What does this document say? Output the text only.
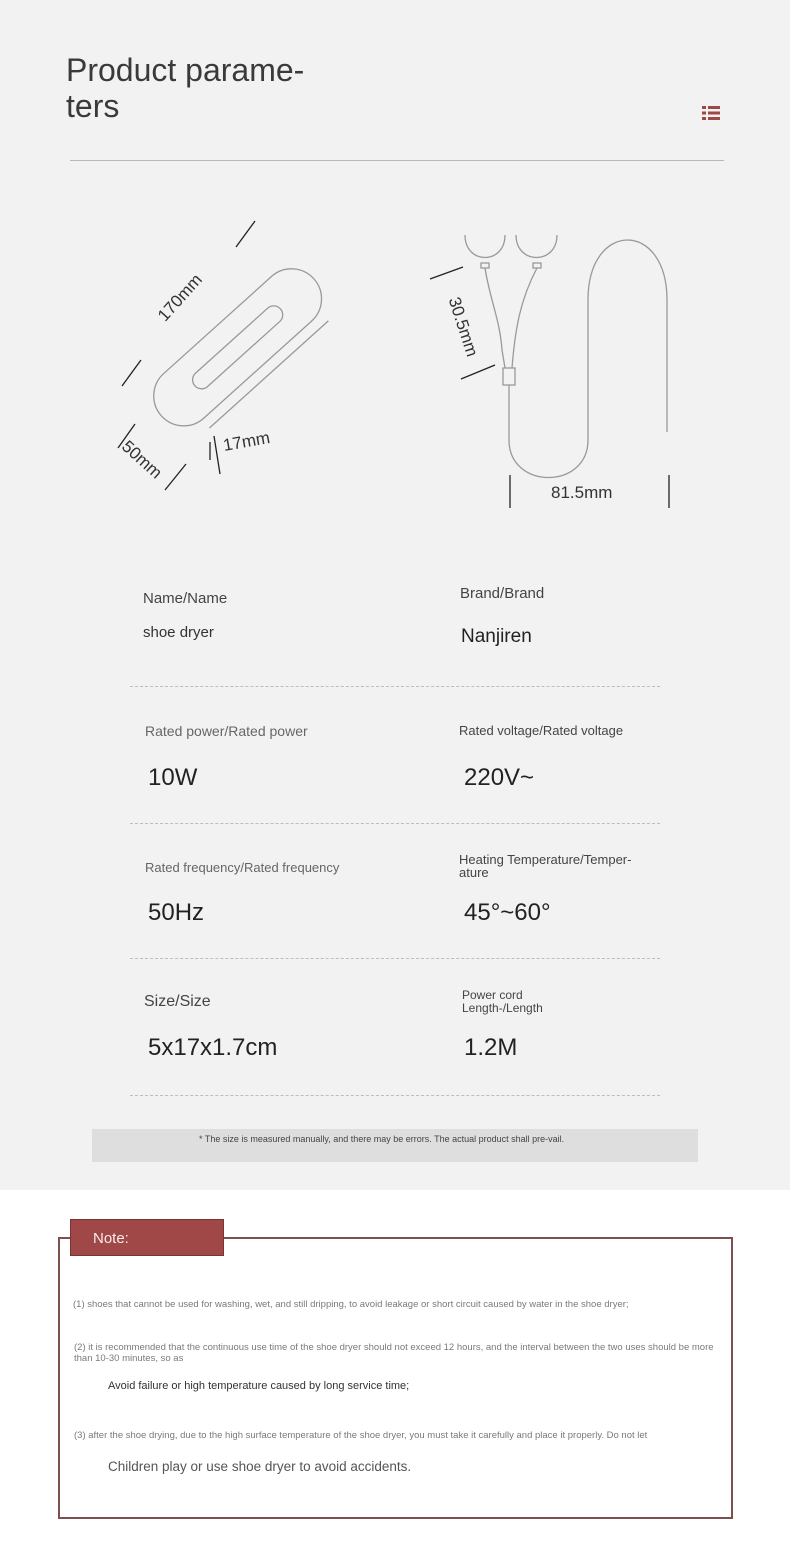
Product parame-
ters
170mm
50mm	17mm
30.5mm
81.5mm
Name/Name
shoe dryer
Brand/Brand
Nanjiren
Rated power/Rated power
10W
Rated voltage/Rated voltage
220V~
Rated frequency/Rated frequency
50Hz
Heating Temperature/Temper-ature
45°~60°
Size/Size
5x17x1.7cm
Power cord Length-/Length
1.2M

* The size is measured manually, and there may be errors. The actual product shall pre-vail.

Note:
(1) shoes that cannot be used for washing, wet, and still dripping, to avoid leakage or short circuit caused by water in the shoe dryer;
(2) it is recommended that the continuous use time of the shoe dryer should not exceed 12 hours, and the interval between the two uses should be more than 10-30 minutes, so as
Avoid failure or high temperature caused by long service time;
(3) after the shoe drying, due to the high surface temperature of the shoe dryer, you must take it carefully and place it properly. Do not let
Children play or use shoe dryer to avoid accidents.
